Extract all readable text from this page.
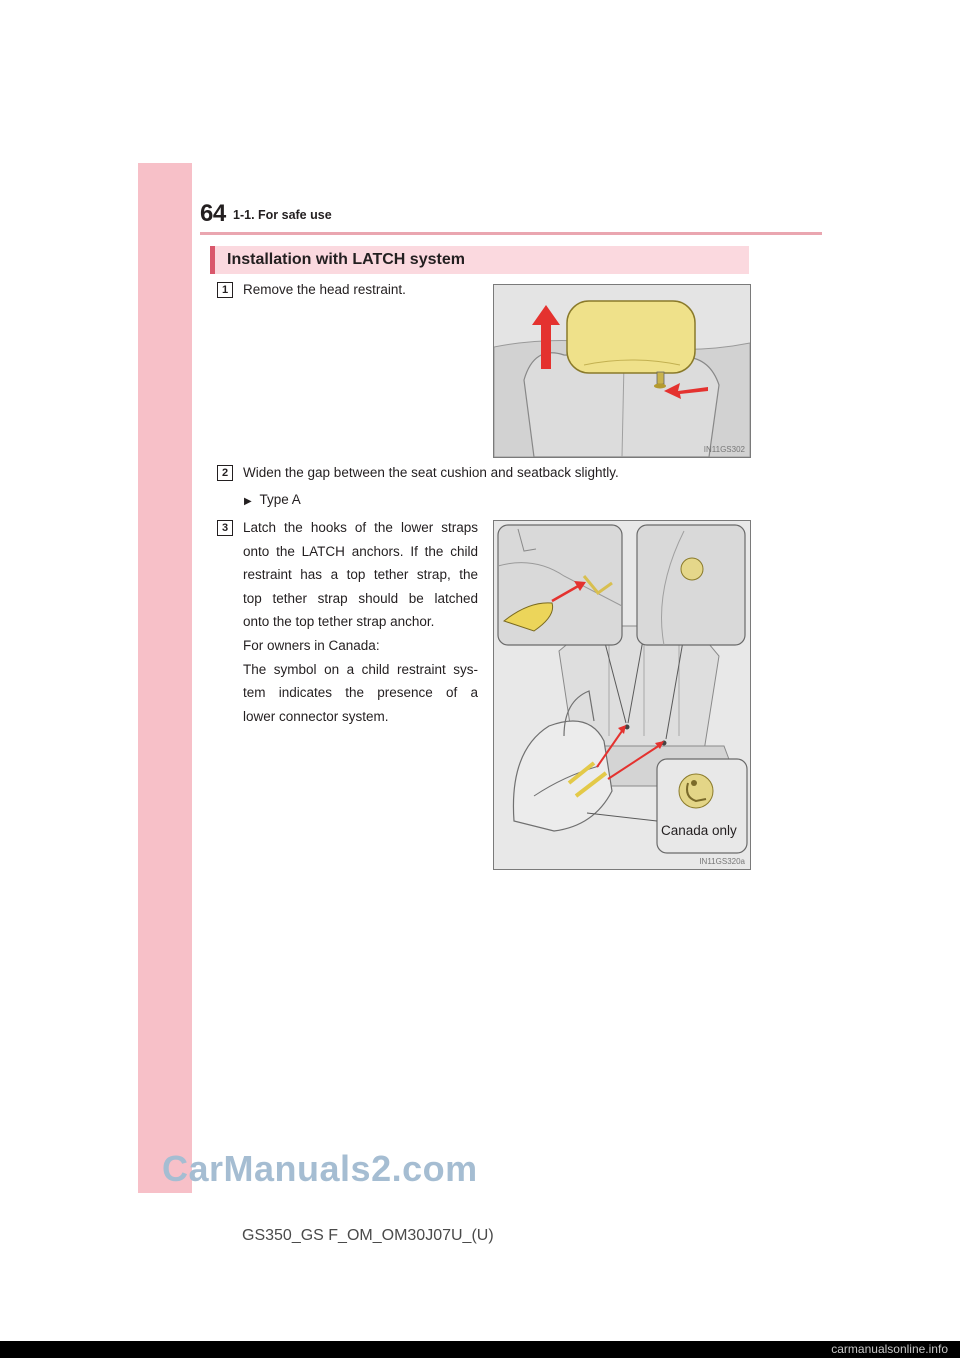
64 1-1. For safe use
Installation with LATCH system
1	Remove the head restraint.
IN11GS302
2	Widen the gap between the seat cushion and seatback slightly.
▶ Type A
3	Latch the hooks of the lower straps
onto the LATCH anchors. If the child
restraint has a top tether strap, the
top tether strap should be latched
onto the top tether strap anchor.
For owners in Canada:
The symbol on a child restraint sys-
tem indicates the presence of a
lower connector system.
Canada only
IN11GS320a
GS350_GS F_OM_OM30J07U_(U)
CarManuals2.com
carmanualsonline.info
